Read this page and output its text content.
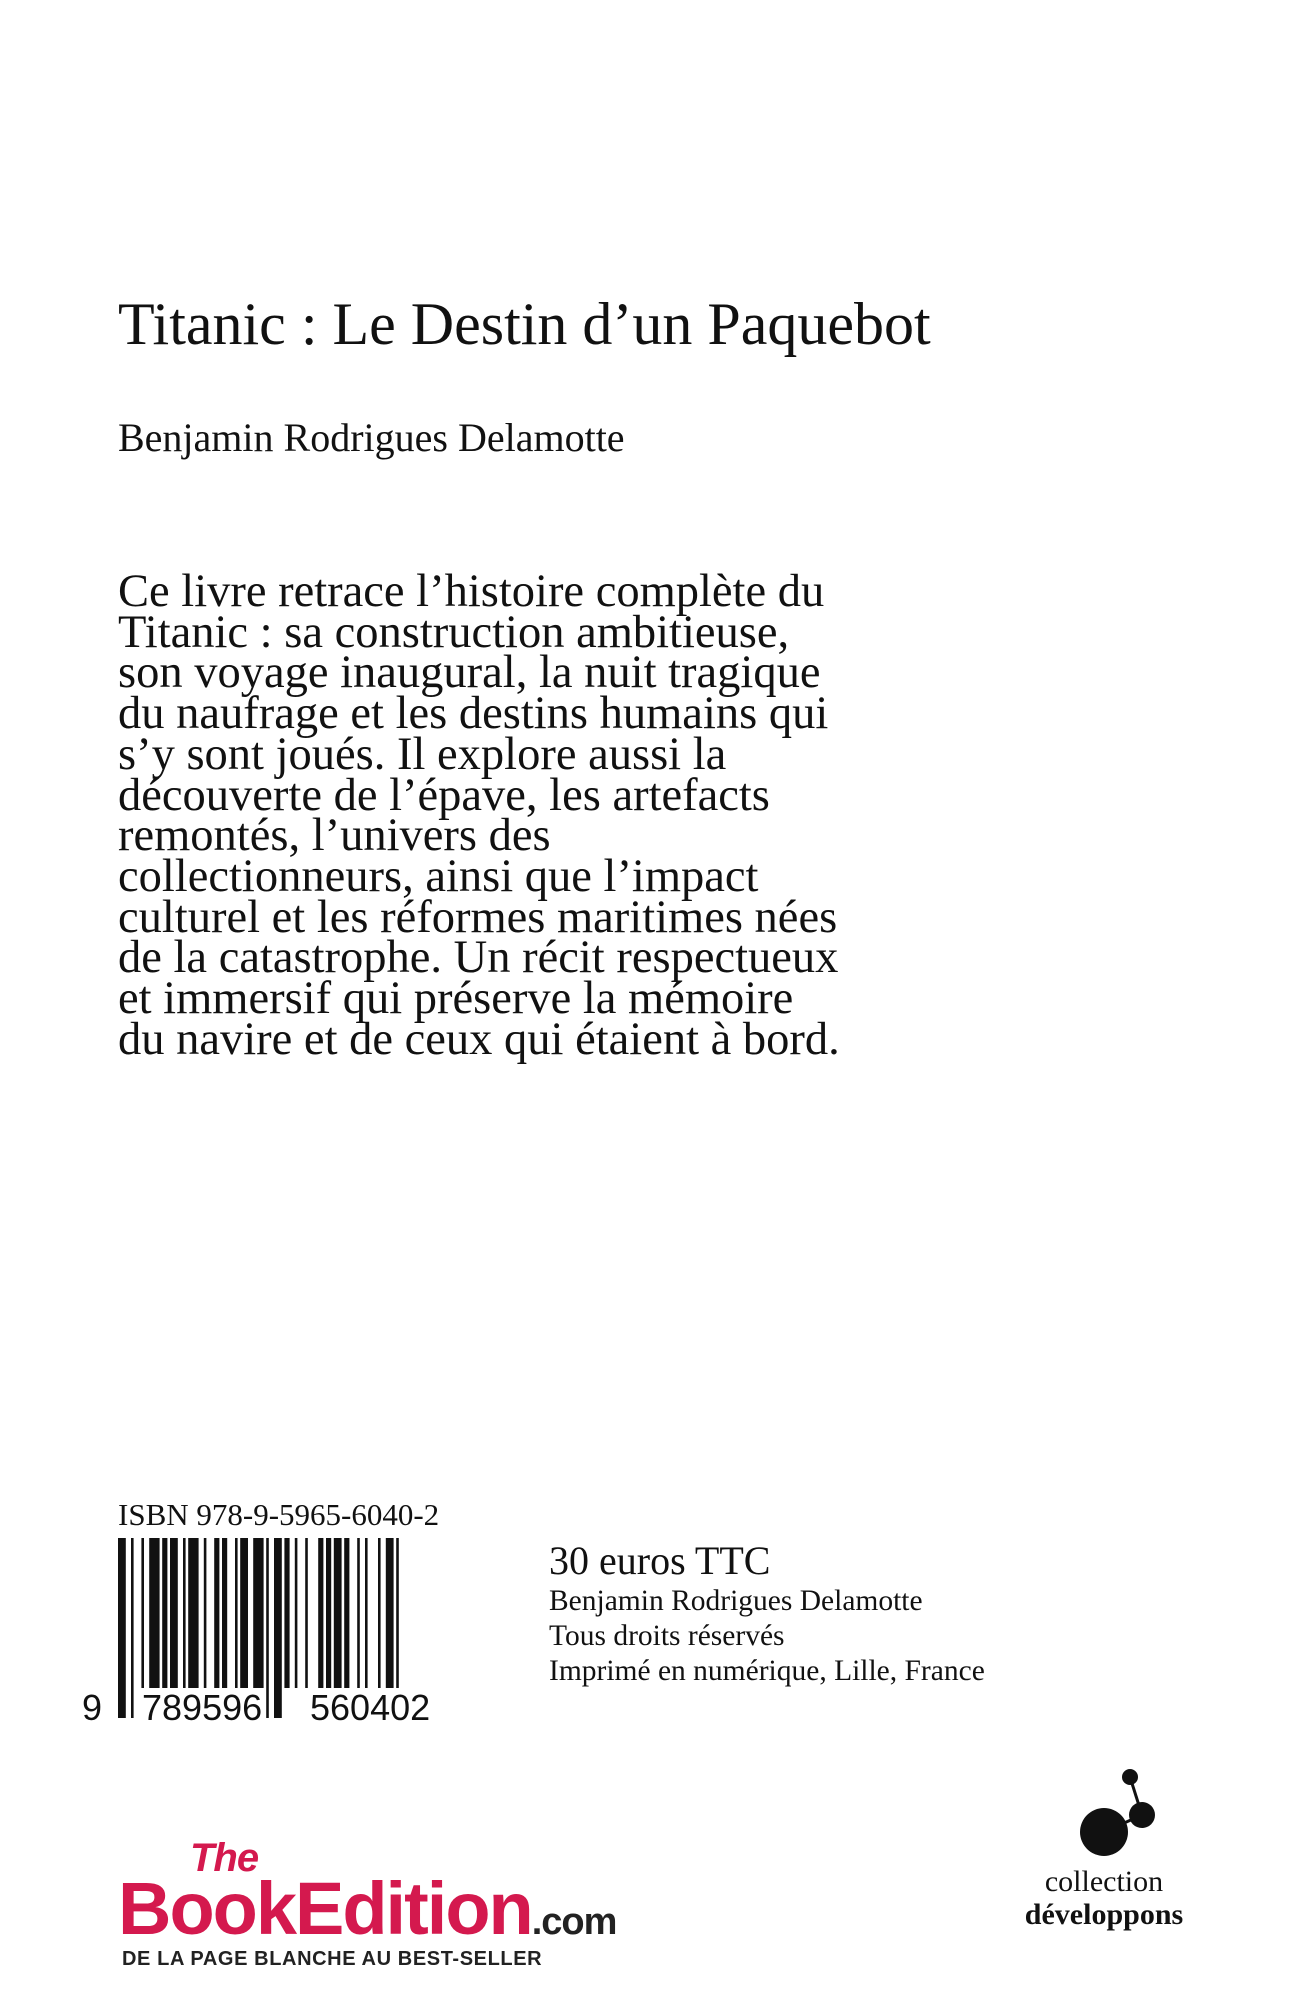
Titanic : Le Destin d’un Paquebot
Benjamin Rodrigues Delamotte
Ce livre retrace l’histoire complète du
Titanic : sa construction ambitieuse,
son voyage inaugural, la nuit tragique
du naufrage et les destins humains qui
s’y sont joués. Il explore aussi la
découverte de l’épave, les artefacts
remontés, l’univers des
collectionneurs, ainsi que l’impact
culturel et les réformes maritimes nées
de la catastrophe. Un récit respectueux
et immersif qui préserve la mémoire
du navire et de ceux qui étaient à bord.
ISBN 978-9-5965-6040-2
9 789596 560402
30 euros TTC
Benjamin Rodrigues Delamotte
Tous droits réservés
Imprimé en numérique, Lille, France
The
BookEdition.com
DE LA PAGE BLANCHE AU BEST-SELLER
collection
développons
